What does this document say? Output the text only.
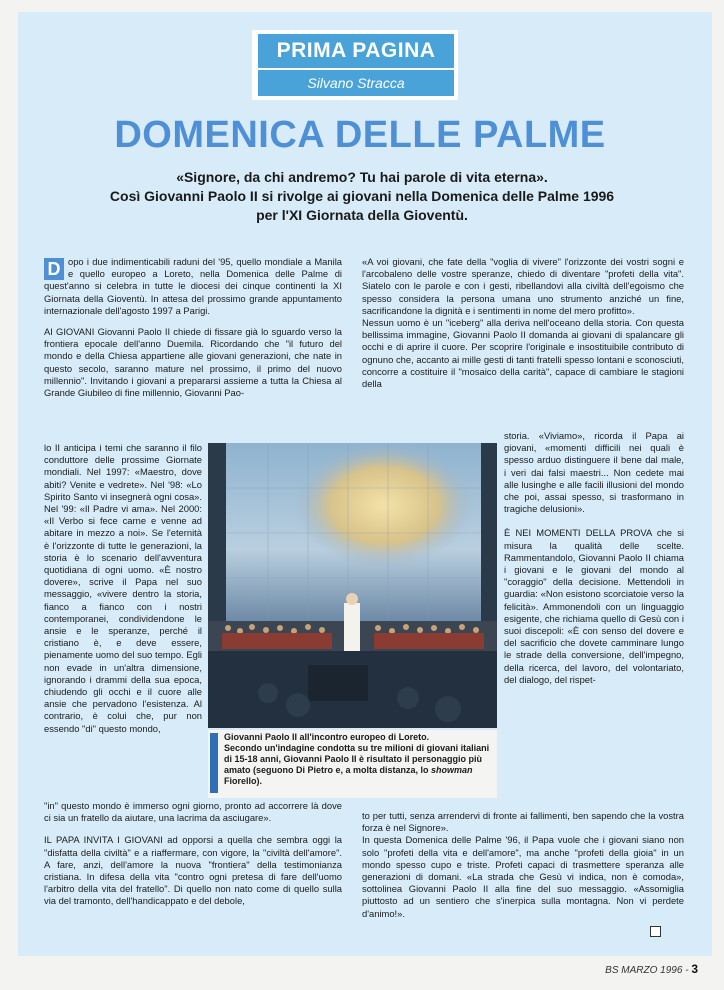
PRIMA PAGINA
Silvano Stracca
DOMENICA DELLE PALME
«Signore, da chi andremo? Tu hai parole di vita eterna».
Così Giovanni Paolo II si rivolge ai giovani nella Domenica delle Palme 1996
per l'XI Giornata della Gioventù.

D opo i due indimenticabili raduni del '95, quello mondiale a Manila e quello europeo a Loreto, nella Domenica delle Palme di quest'anno si celebra in tutte le diocesi dei cinque continenti la XI Giornata della Gioventù. In attesa del prossimo grande appuntamento internazionale dell'agosto 1997 a Parigi.

AI GIOVANI Giovanni Paolo II chiede di fissare già lo sguardo verso la frontiera epocale dell'anno Duemila. Ricordando che "il futuro del mondo e della Chiesa appartiene alle giovani generazioni, che nate in questo secolo, saranno mature nel prossimo, il primo del nuovo millennio". Invitando i giovani a prepararsi assieme a tutta la Chiesa al Grande Giubileo di fine millennio, Giovanni Pao-

lo II anticipa i temi che saranno il filo conduttore delle prossime Giornate mondiali. Nel 1997: «Maestro, dove abiti? Venite e vedrete». Nel '98: «Lo Spirito Santo vi insegnerà ogni cosa». Nel '99: «Il Padre vi ama». Nel 2000: «Il Verbo si fece carne e venne ad abitare in mezzo a noi». Se l'eternità è l'orizzonte di tutte le generazioni, la storia è lo scenario dell'avventura quotidiana di ogni uomo. «È nostro dovere», scrive il Papa nel suo messaggio, «vivere dentro la storia, fianco a fianco con i nostri contemporanei, condividendone le ansie e le speranze, perché il cristiano è, e deve essere, pienamente uomo del suo tempo. Egli non evade in un'altra dimensione, ignorando i drammi della sua epoca, chiudendo gli occhi e il cuore alle ansie che pervadono l'esistenza. Al contrario, è colui che, pur non essendo "di" questo mondo,

"in" questo mondo è immerso ogni giorno, pronto ad accorrere là dove ci sia un fratello da aiutare, una lacrima da asciugare».

IL PAPA INVITA I GIOVANI ad opporsi a quella che sembra oggi la "disfatta della civiltà" e a riaffermare, con vigore, la "civiltà dell'amore". A fare, anzi, dell'amore la nuova "frontiera" della testimonianza cristiana. In difesa della vita "contro ogni pretesa di fare dell'uomo l'arbitro della vita del fratello". Di quello non nato come di quello sulla via del tramonto, dell'handicappato e del debole,

«A voi giovani, che fate della "voglia di vivere" l'orizzonte dei vostri sogni e l'arcobaleno delle vostre speranze, chiedo di diventare "profeti della vita". Siatelo con le parole e con i gesti, ribellandovi alla civiltà dell'egoismo che spesso considera la persona umana uno strumento anziché un fine, sacrificandone la dignità e i sentimenti in nome del mero profitto».

Nessun uomo è un "iceberg" alla deriva nell'oceano della storia. Con questa bellissima immagine, Giovanni Paolo II domanda ai giovani di spalancare gli occhi e di aprire il cuore. Per scoprire l'originale e insostituibile contributo di ognuno che, accanto ai mille gesti di tanti fratelli spesso lontani e sconosciuti, concorre a costituire il "mosaico della carità", capace di cambiare le stagioni della

storia. «Viviamo», ricorda il Papa ai giovani, «momenti difficili nei quali è spesso arduo distinguere il bene dal male, i veri dai falsi maestri... Non cedete mai alle lusinghe e alle facili illusioni del mondo che poi, assai spesso, si trasformano in tragiche delusioni».

È NEI MOMENTI DELLA PROVA che si misura la qualità delle scelte. Rammentandolo, Giovanni Paolo II chiama i giovani e le giovani del mondo al "coraggio" della decisione. Mettendoli in guardia: «Non esistono scorciatoie verso la felicità». Ammonendoli con un linguaggio esigente, che richiama quello di Gesù con i suoi discepoli: «È con senso del dovere e del sacrificio che dovete camminare lungo le strade della conversione, dell'impegno, della ricerca, del lavoro, del volontariato, del dialogo, del rispet-

to per tutti, senza arrendervi di fronte ai fallimenti, ben sapendo che la vostra forza è nel Signore».

In questa Domenica delle Palme '96, il Papa vuole che i giovani siano non solo "profeti della vita e dell'amore", ma anche "profeti della gioia" in un mondo spesso cupo e triste. Profeti capaci di trasmettere speranza alle generazioni di domani. «La strada che Gesù vi indica, non è comoda», sottolinea Giovanni Paolo II alla fine del suo messaggio. «Assomiglia piuttosto ad un sentiero che s'inerpica sulla montagna. Non vi perdete d'animo!».

Giovanni Paolo II all'incontro europeo di Loreto.
Secondo un'indagine condotta su tre milioni di giovani italiani di 15-18 anni, Giovanni Paolo II è risultato il personaggio più amato (seguono Di Pietro e, a molta distanza, lo showman Fiorello).
BS MARZO 1996 - 3
